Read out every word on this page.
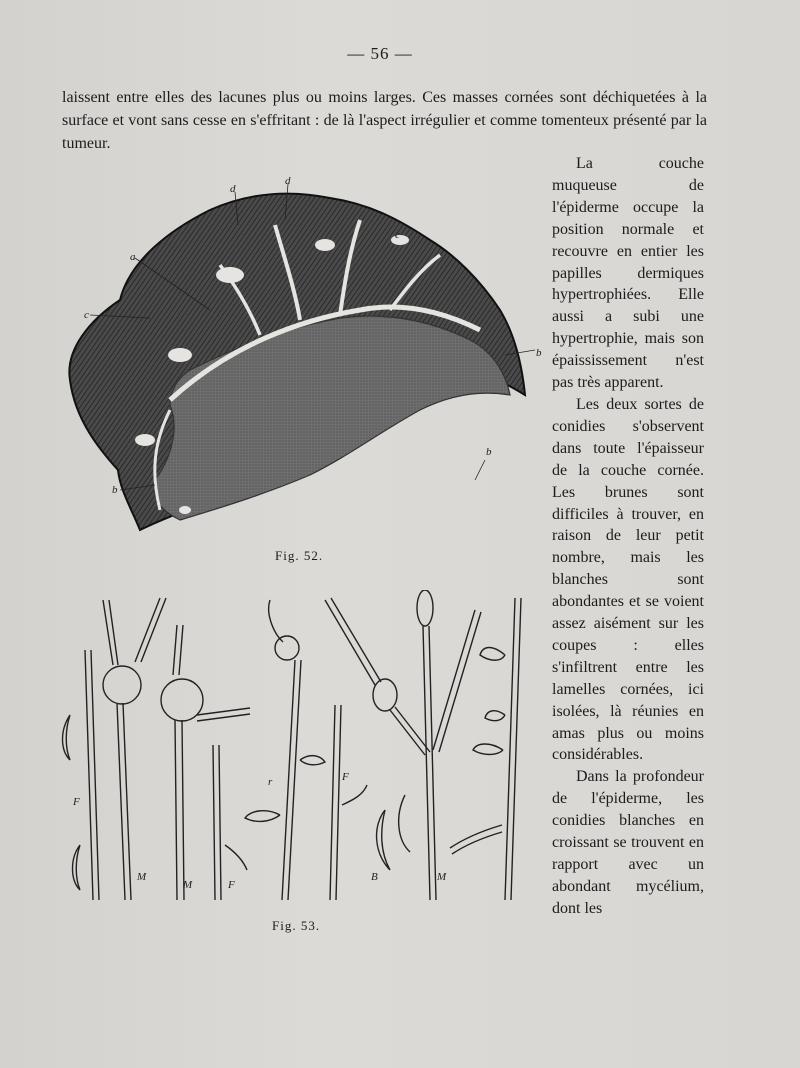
— 56 —
laissent entre elles des lacunes plus ou moins larges. Ces masses cornées sont déchiquetées à la surface et vont sans cesse en s'effritant : de là l'aspect irrégulier et comme tomenteux présenté par la tumeur.
d
d
c
a
c
b
b
b
Fig. 52.
F
M
M	F
r	F
B	M
Fig. 53.

La couche muqueuse de l'épiderme occupe la position normale et recouvre en entier les papilles dermiques hypertrophiées. Elle aussi a subi une hypertrophie, mais son épaississement n'est pas très apparent.

Les deux sortes de conidies s'observent dans toute l'épaisseur de la couche cornée. Les brunes sont difficiles à trouver, en raison de leur petit nombre, mais les blanches sont abondantes et se voient assez aisément sur les coupes : elles s'infiltrent entre les lamelles cornées, ici isolées, là réunies en amas plus ou moins considérables.

Dans la profondeur de l'épiderme, les conidies blanches en croissant se trouvent en rapport avec un abondant mycélium, dont les
